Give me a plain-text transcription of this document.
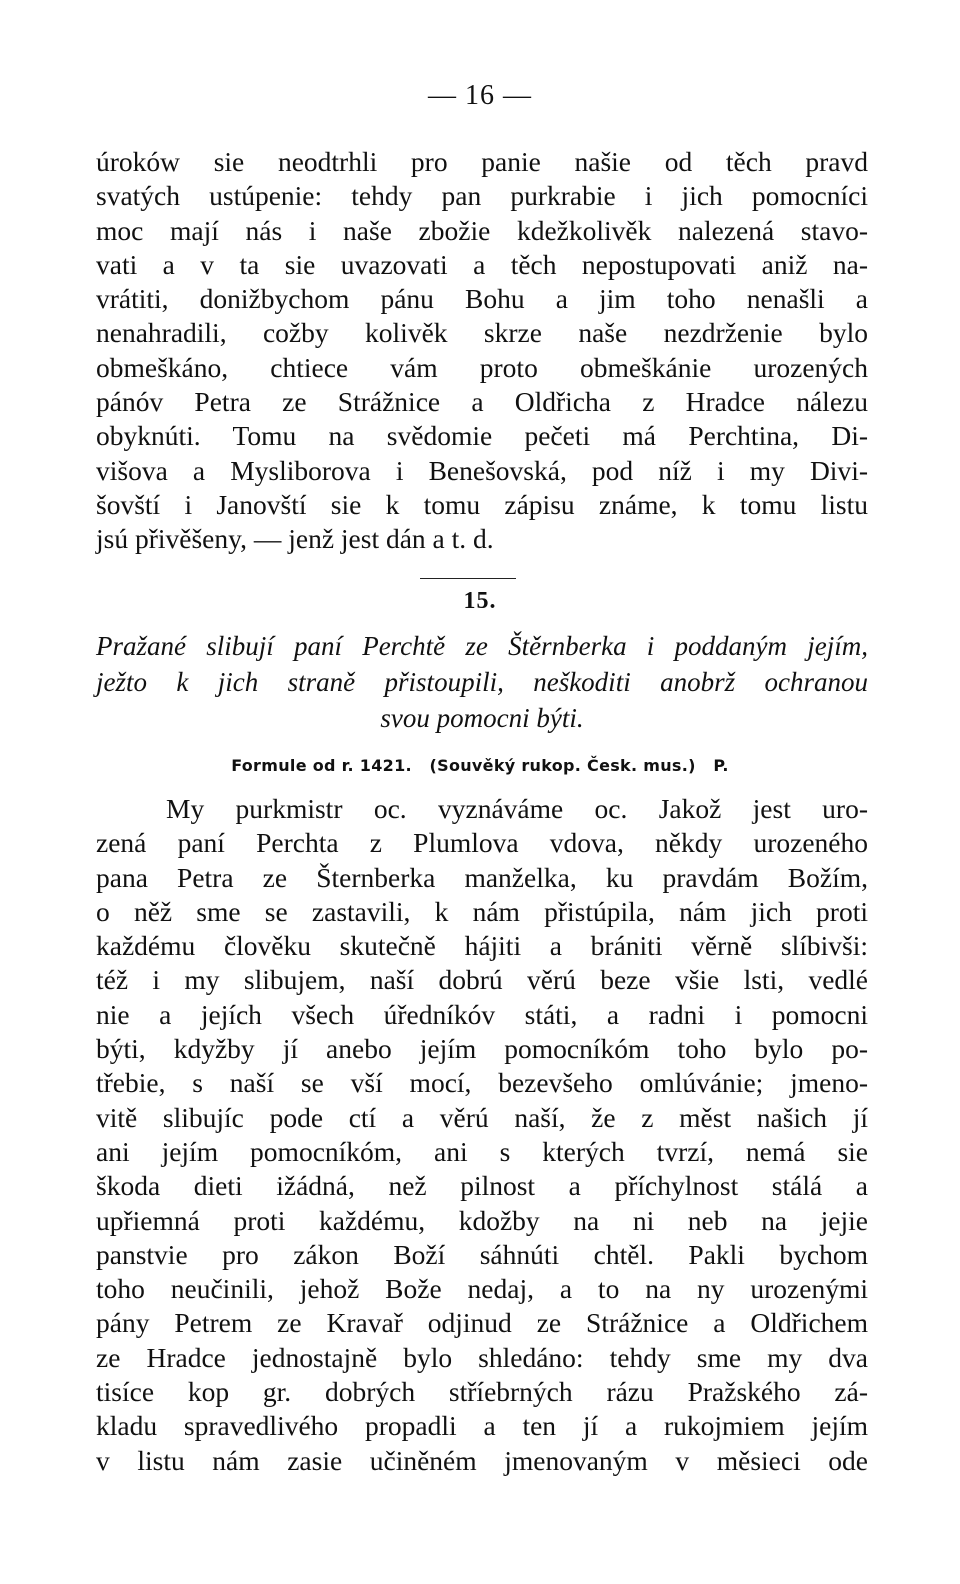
— 16 —
úroków sie neodtrhli pro panie našie od těch pravd
svatých ustúpenie: tehdy pan purkrabie i jich pomocníci
moc mají nás i naše zbožie kdežkolivěk nalezená stavo-
vati a v ta sie uvazovati a těch nepostupovati aniž na-
vrátiti, donižbychom pánu Bohu a jim toho nenašli a
nenahradili, cožby kolivěk skrze naše nezdrženie bylo
obmeškáno, chtiece vám proto obmeškánie urozených
pánóv Petra ze Strážnice a Oldřicha z Hradce nálezu
obyknúti. Tomu na svědomie pečeti má Perchtina, Di-
višova a Mysliborova i Benešovská, pod níž i my Divi-
šovští i Janovští sie k tomu zápisu známe, k tomu listu
jsú přivěšeny, — jenž jest dán a t. d.
15.
Pražané slibují paní Perchtě ze Štěrnberka i poddaným jejím,
ježto k jich straně přistoupili, neškoditi anobrž ochranou
svou pomocni býti.
Formule od r. 1421.   (Souvěký rukop. Česk. mus.)   P.
My purkmistr oc. vyznáváme oc. Jakož jest uro-
zená paní Perchta z Plumlova vdova, někdy urozeného
pana Petra ze Šternberka manželka, ku pravdám Božím,
o něž sme se zastavili, k nám přistúpila, nám jich proti
každému člověku skutečně hájiti a brániti věrně slíbivši:
též i my slibujem, naší dobrú věrú beze všie lsti, vedlé
nie a jejích všech úředníkóv státi, a radni i pomocni
býti, kdyžby jí anebo jejím pomocníkóm toho bylo po-
třebie, s naší se vší mocí, bezevšeho omlúvánie; jmeno-
vitě slibujíc pode ctí a věrú naší, že z měst našich jí
ani jejím pomocníkóm, ani s kterých tvrzí, nemá sie
škoda dieti ižádná, než pilnost a příchylnost stálá a
upřiemná proti každému, kdožby na ni neb na jejie
panstvie pro zákon Boží sáhnúti chtěl. Pakli bychom
toho neučinili, jehož Bože nedaj, a to na ny urozenými
pány Petrem ze Kravař odjinud ze Strážnice a Oldřichem
ze Hradce jednostajně bylo shledáno: tehdy sme my dva
tisíce kop gr. dobrých stříebrných rázu Pražského zá-
kladu spravedlivého propadli a ten jí a rukojmiem jejím
v listu nám zasie učiněném jmenovaným v měsieci ode
